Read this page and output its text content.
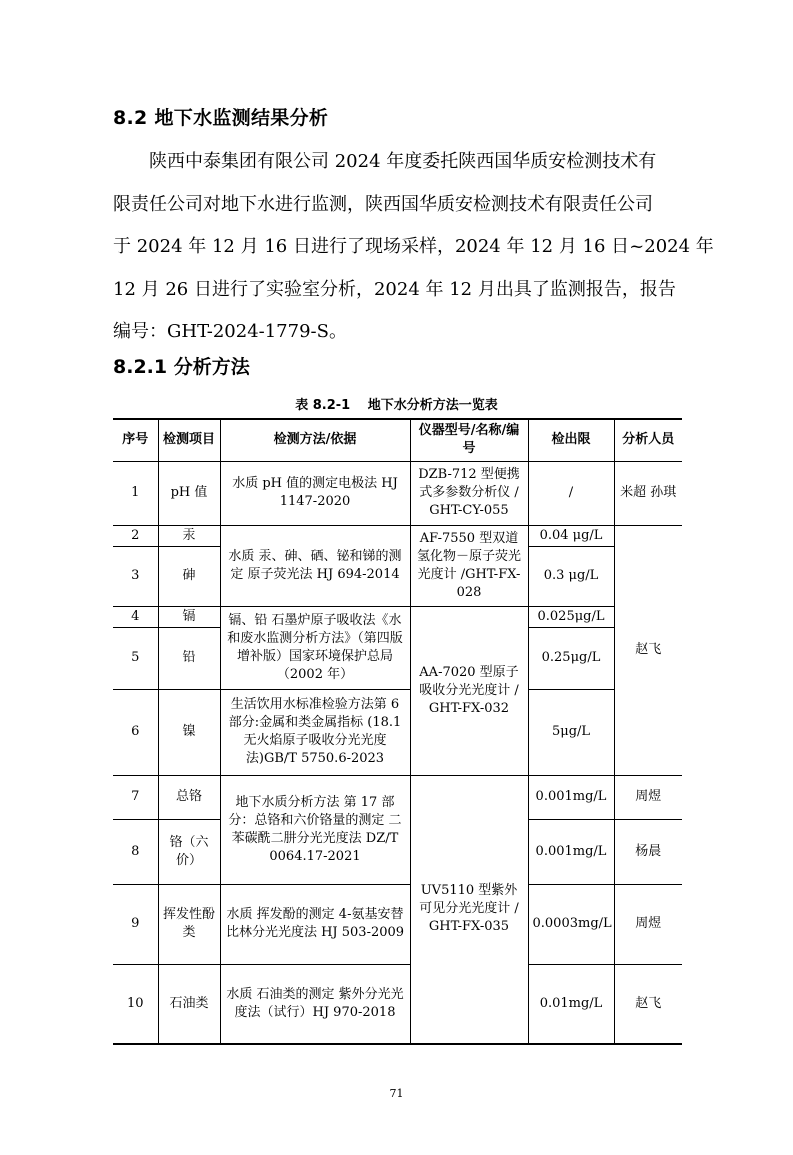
8.2 地下水监测结果分析

陕西中泰集团有限公司 2024 年度委托陕西国华质安检测技术有
限责任公司对地下水进行监测，陕西国华质安检测技术有限责任公司
于 2024 年 12 月 16 日进行了现场采样，2024 年 12 月 16 日~2024 年
12 月 26 日进行了实验室分析，2024 年 12 月出具了监测报告，报告
编号：GHT-2024-1779-S。

8.2.1 分析方法
表 8.2-1　 地下水分析方法一览表
序号	检测项目	检测方法/依据	仪器型号/名称/编号	检出限	分析人员
1	pH 值	水质 pH 值的测定电极法 HJ 1147-2020	DZB-712 型便携式多参数分析仪 / GHT-CY-055	/	米超 孙琪
2	汞	水质 汞、砷、硒、铋和锑的测定 原子荧光法 HJ 694-2014	AF-7550 型双道氢化物－原子荧光光度计 /GHT-FX-028	0.04 μg/L	赵飞
3	砷			0.3 μg/L	
4	镉	镉、铅 石墨炉原子吸收法《水和废水监测分析方法》（第四版增补版）国家环境保护总局（2002 年）	AA-7020 型原子吸收分光光度计 / GHT-FX-032	0.025μg/L	
5	铅			0.25μg/L	
6	镍	生活饮用水标准检验方法第 6 部分:金属和类金属指标 (18.1 无火焰原子吸收分光光度法)GB/T 5750.6-2023		5μg/L	
7	总铬	地下水质分析方法 第 17 部分：总铬和六价铬量的测定 二苯碳酰二肼分光光度法 DZ/T 0064.17-2021	UV5110 型紫外可见分光光度计 / GHT-FX-035	0.001mg/L	周煜
8	铬（六价）			0.001mg/L	杨晨
9	挥发性酚类	水质 挥发酚的测定 4-氨基安替比林分光光度法 HJ 503-2009		0.0003mg/L	周煜
10	石油类	水质 石油类的测定 紫外分光光度法（试行）HJ 970-2018		0.01mg/L	赵飞
71
